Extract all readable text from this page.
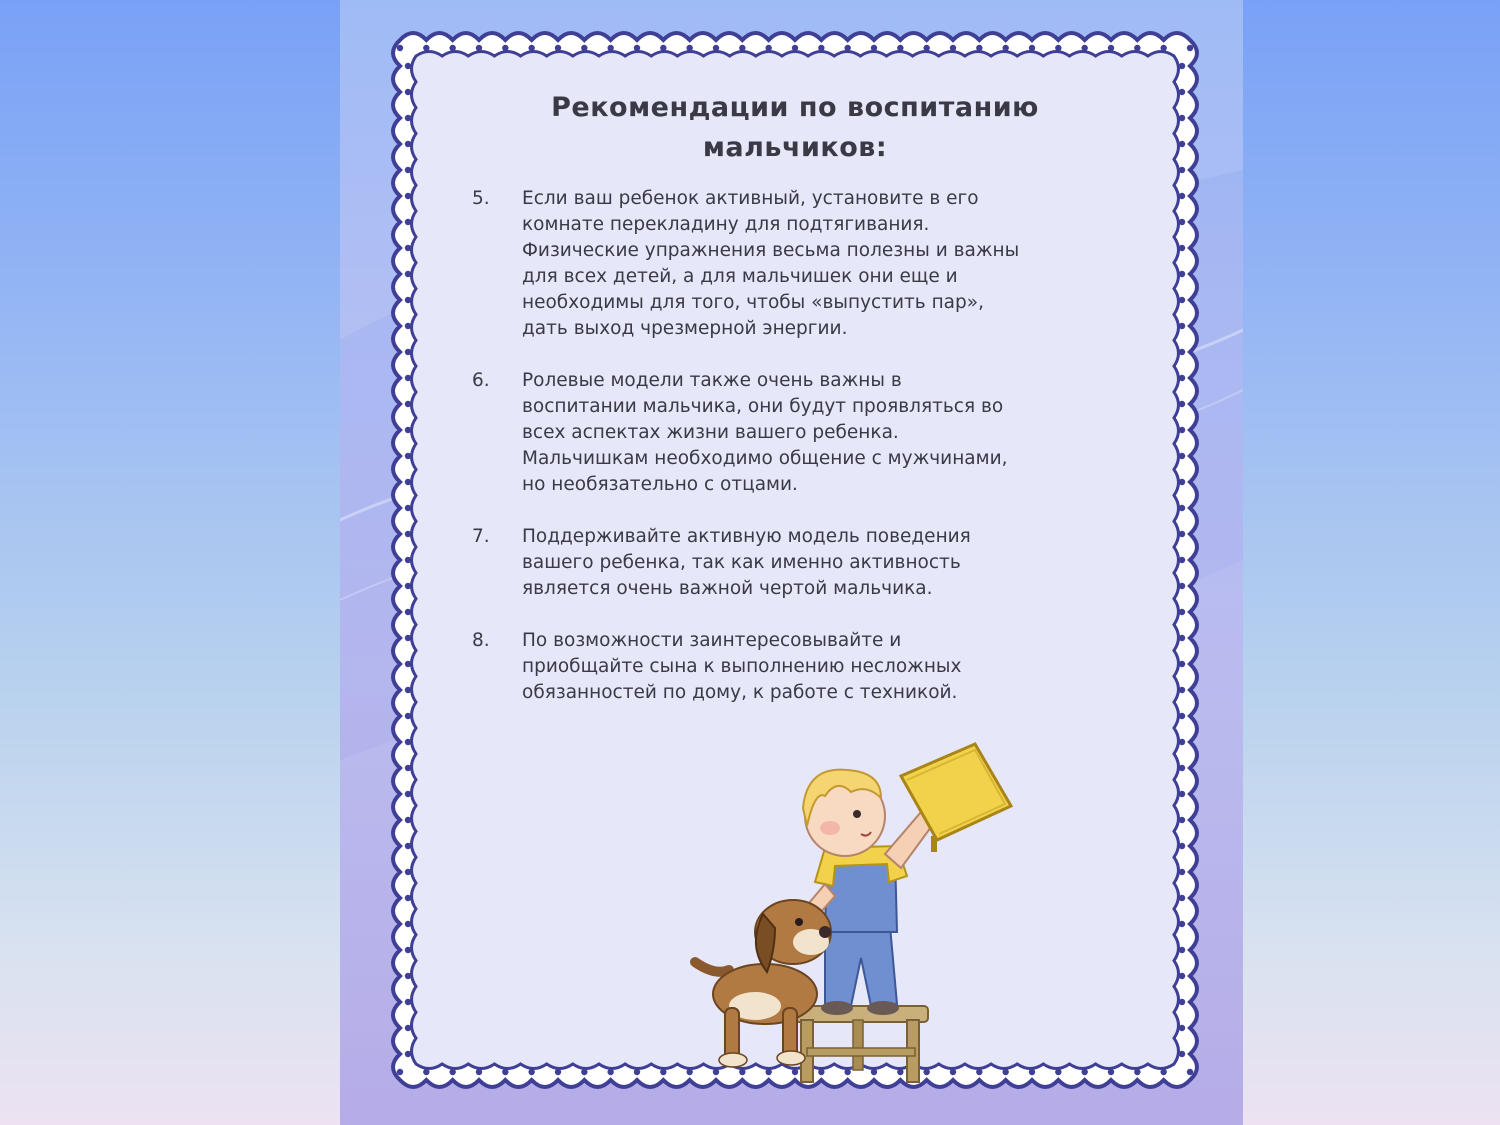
Рекомендации по воспитанию
мальчиков:
5. Если ваш ребенок активный, установите в его
комнате перекладину для подтягивания.
Физические упражнения весьма полезны и важны
для всех детей, а для мальчишек они еще и
необходимы для того, чтобы «выпустить пар»,
дать выход чрезмерной энергии.
6. Ролевые модели также очень важны в
воспитании мальчика, они будут проявляться во
всех аспектах жизни вашего ребенка.
Мальчишкам необходимо общение с мужчинами,
но необязательно с отцами.
7. Поддерживайте активную модель поведения
вашего ребенка, так как именно активность
является очень важной чертой мальчика.
8. По возможности заинтересовывайте и
приобщайте сына к выполнению несложных
обязанностей по дому, к работе с техникой.
